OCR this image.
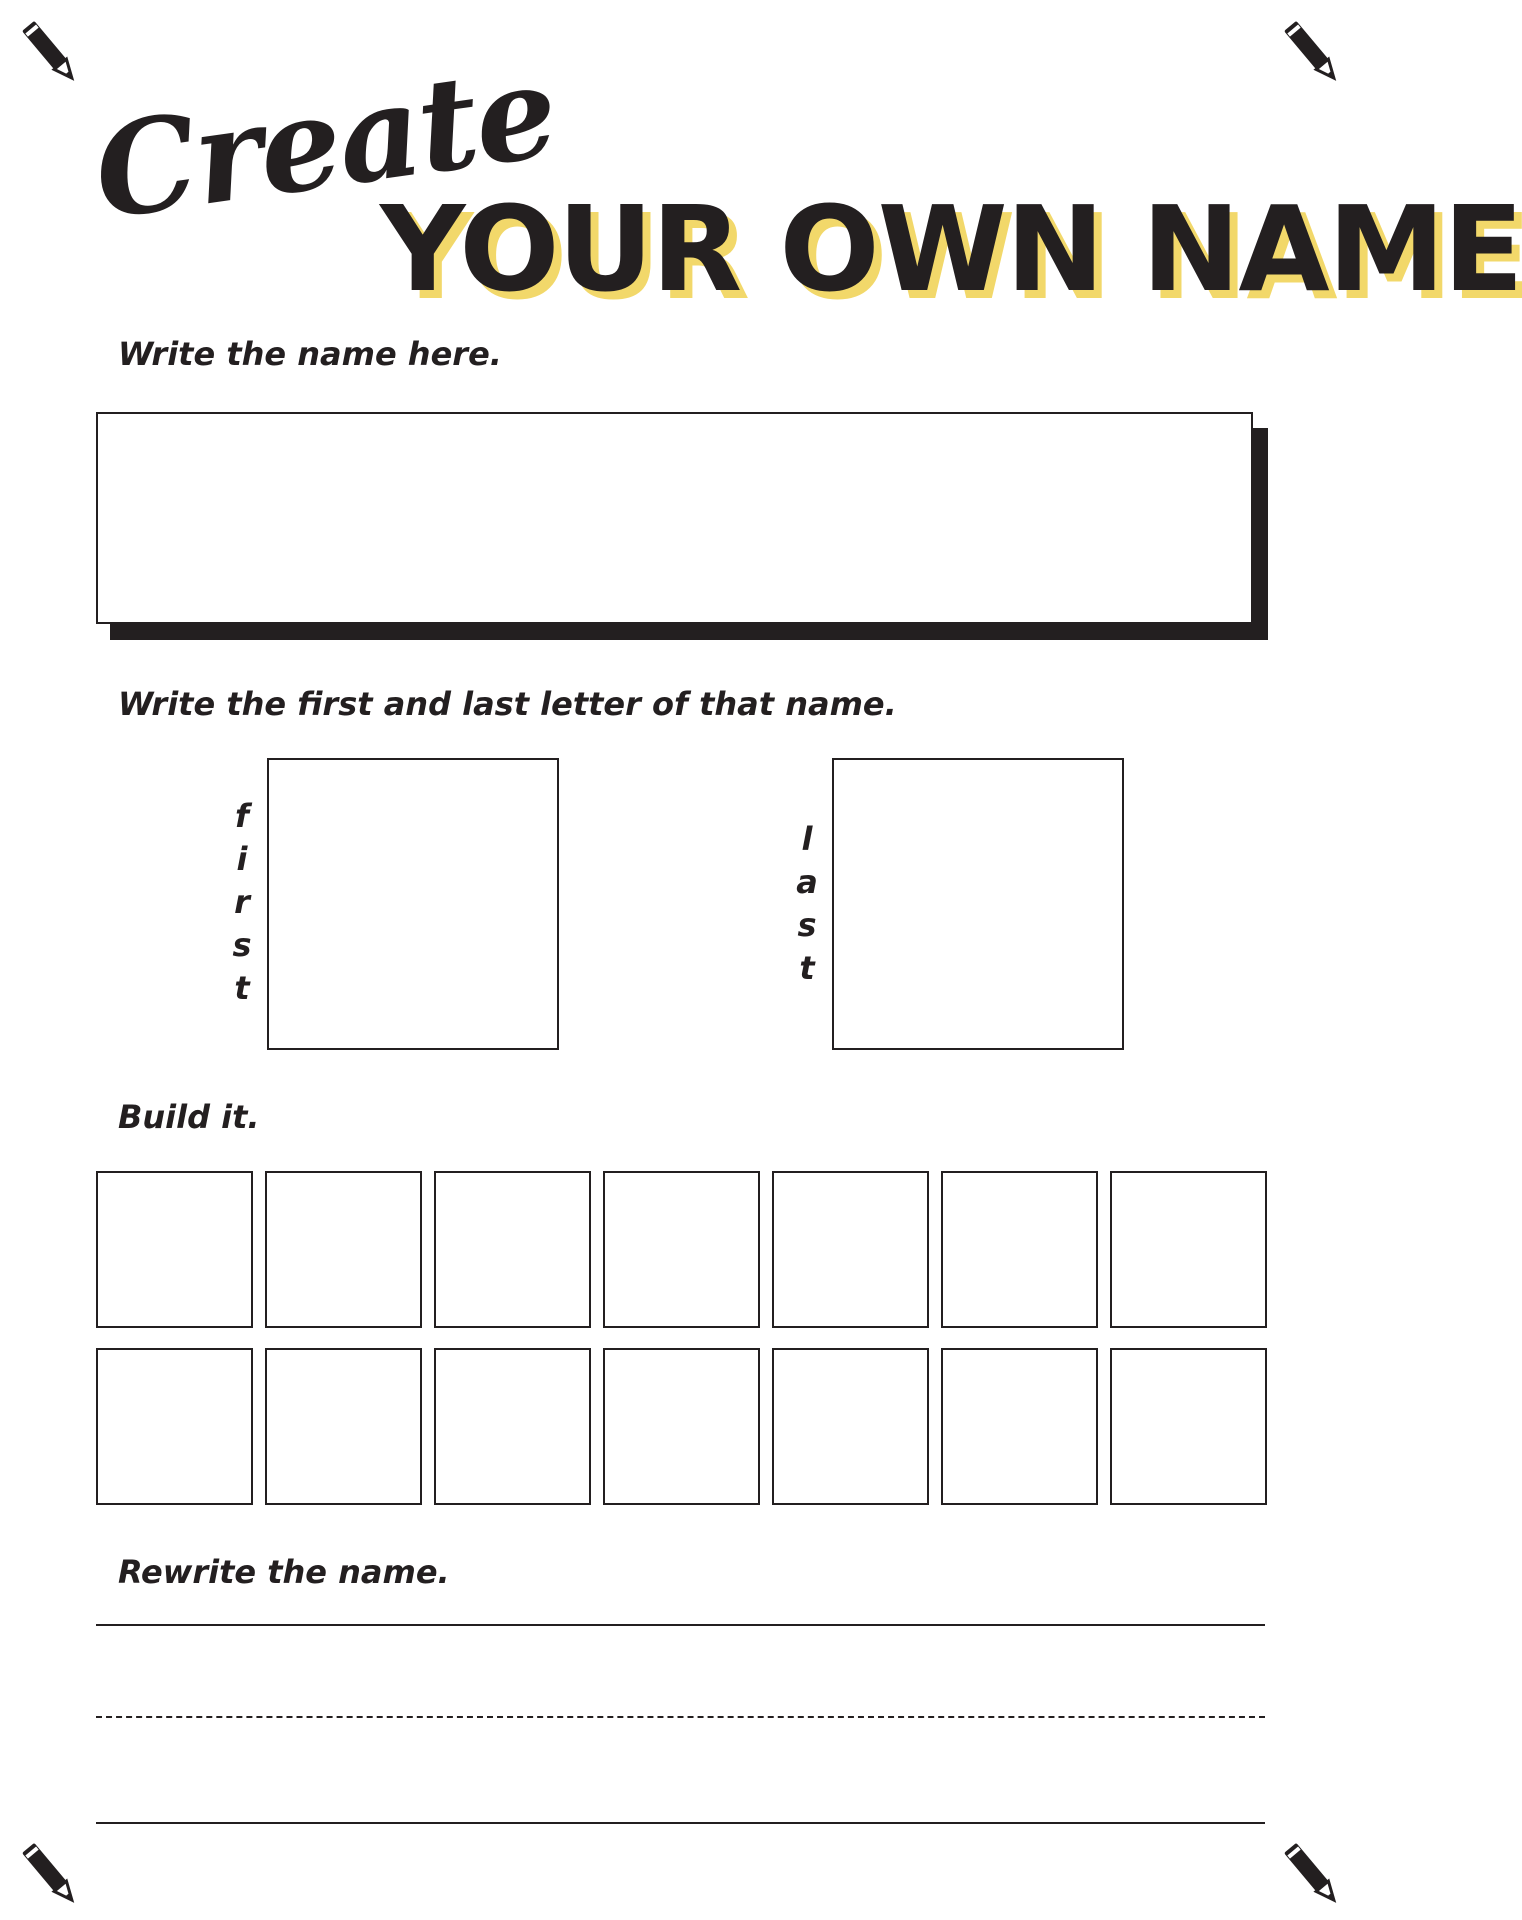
Create
YOUR OWN NAME
Write the name here.
Write the first and last letter of that name.
f
i
r
s
t
l
a
s
t
Build it.
Rewrite the name.
